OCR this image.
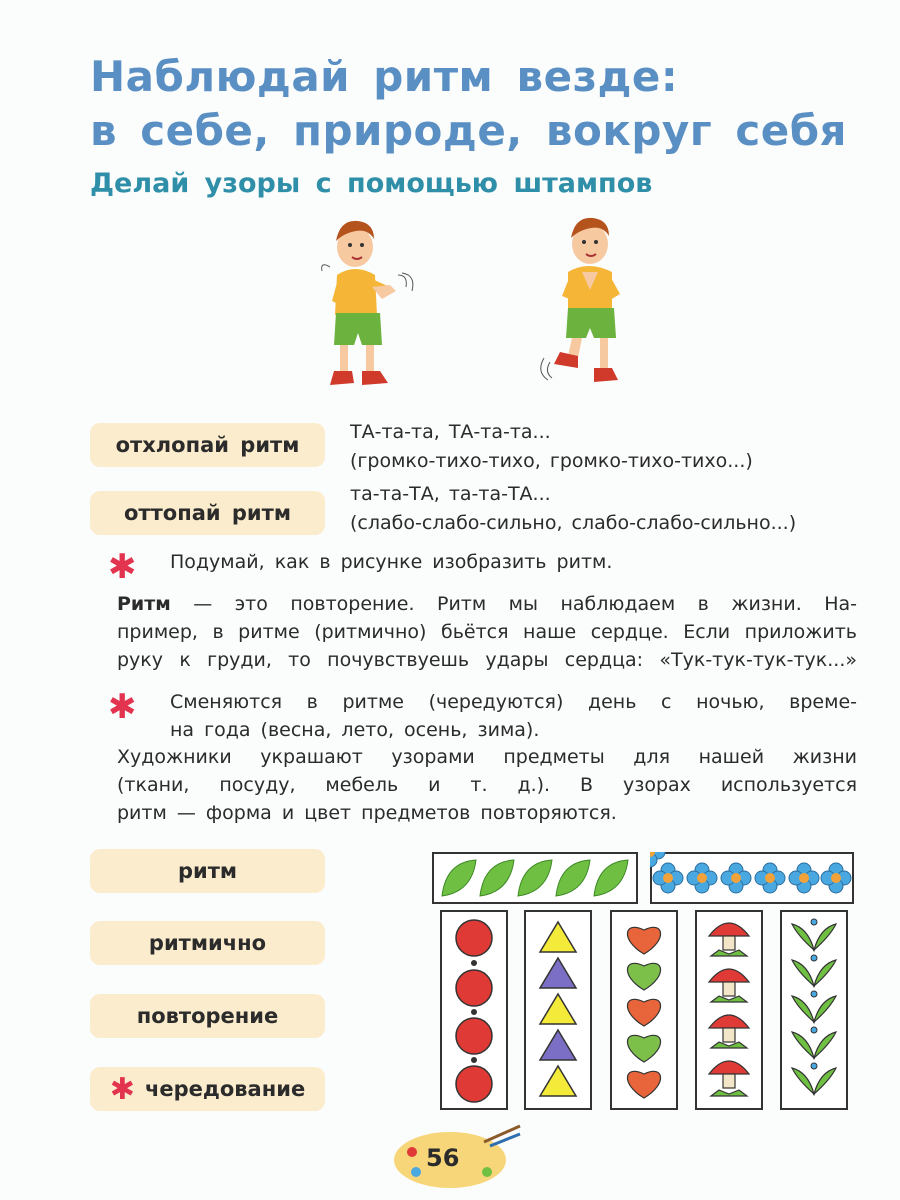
Наблюдай ритм везде:
в себе, природе, вокруг себя
Делай узоры с помощью штампов
отхлопай ритм
ТА-та-та, ТА-та-та...
(громко-тихо-тихо, громко-тихо-тихо...)
оттопай ритм
та-та-ТА, та-та-ТА...
(слабо-слабо-сильно, слабо-слабо-сильно...)
✱ Подумай, как в рисунке изобразить ритм.
Ритм — это повторение. Ритм мы наблюдаем в жизни. На-
пример, в ритме (ритмично) бьётся наше сердце. Если приложить
руку к груди, то почувствуешь удары сердца: «Тук-тук-тук-тук...»
✱ Сменяются в ритме (чередуются) день с ночью, време-
на года (весна, лето, осень, зима).
Художники украшают узорами предметы для нашей жизни
(ткани, посуду, мебель и т. д.). В узорах используется
ритм — форма и цвет предметов повторяются.
ритм
ритмично
повторение
✱ чередование
56
